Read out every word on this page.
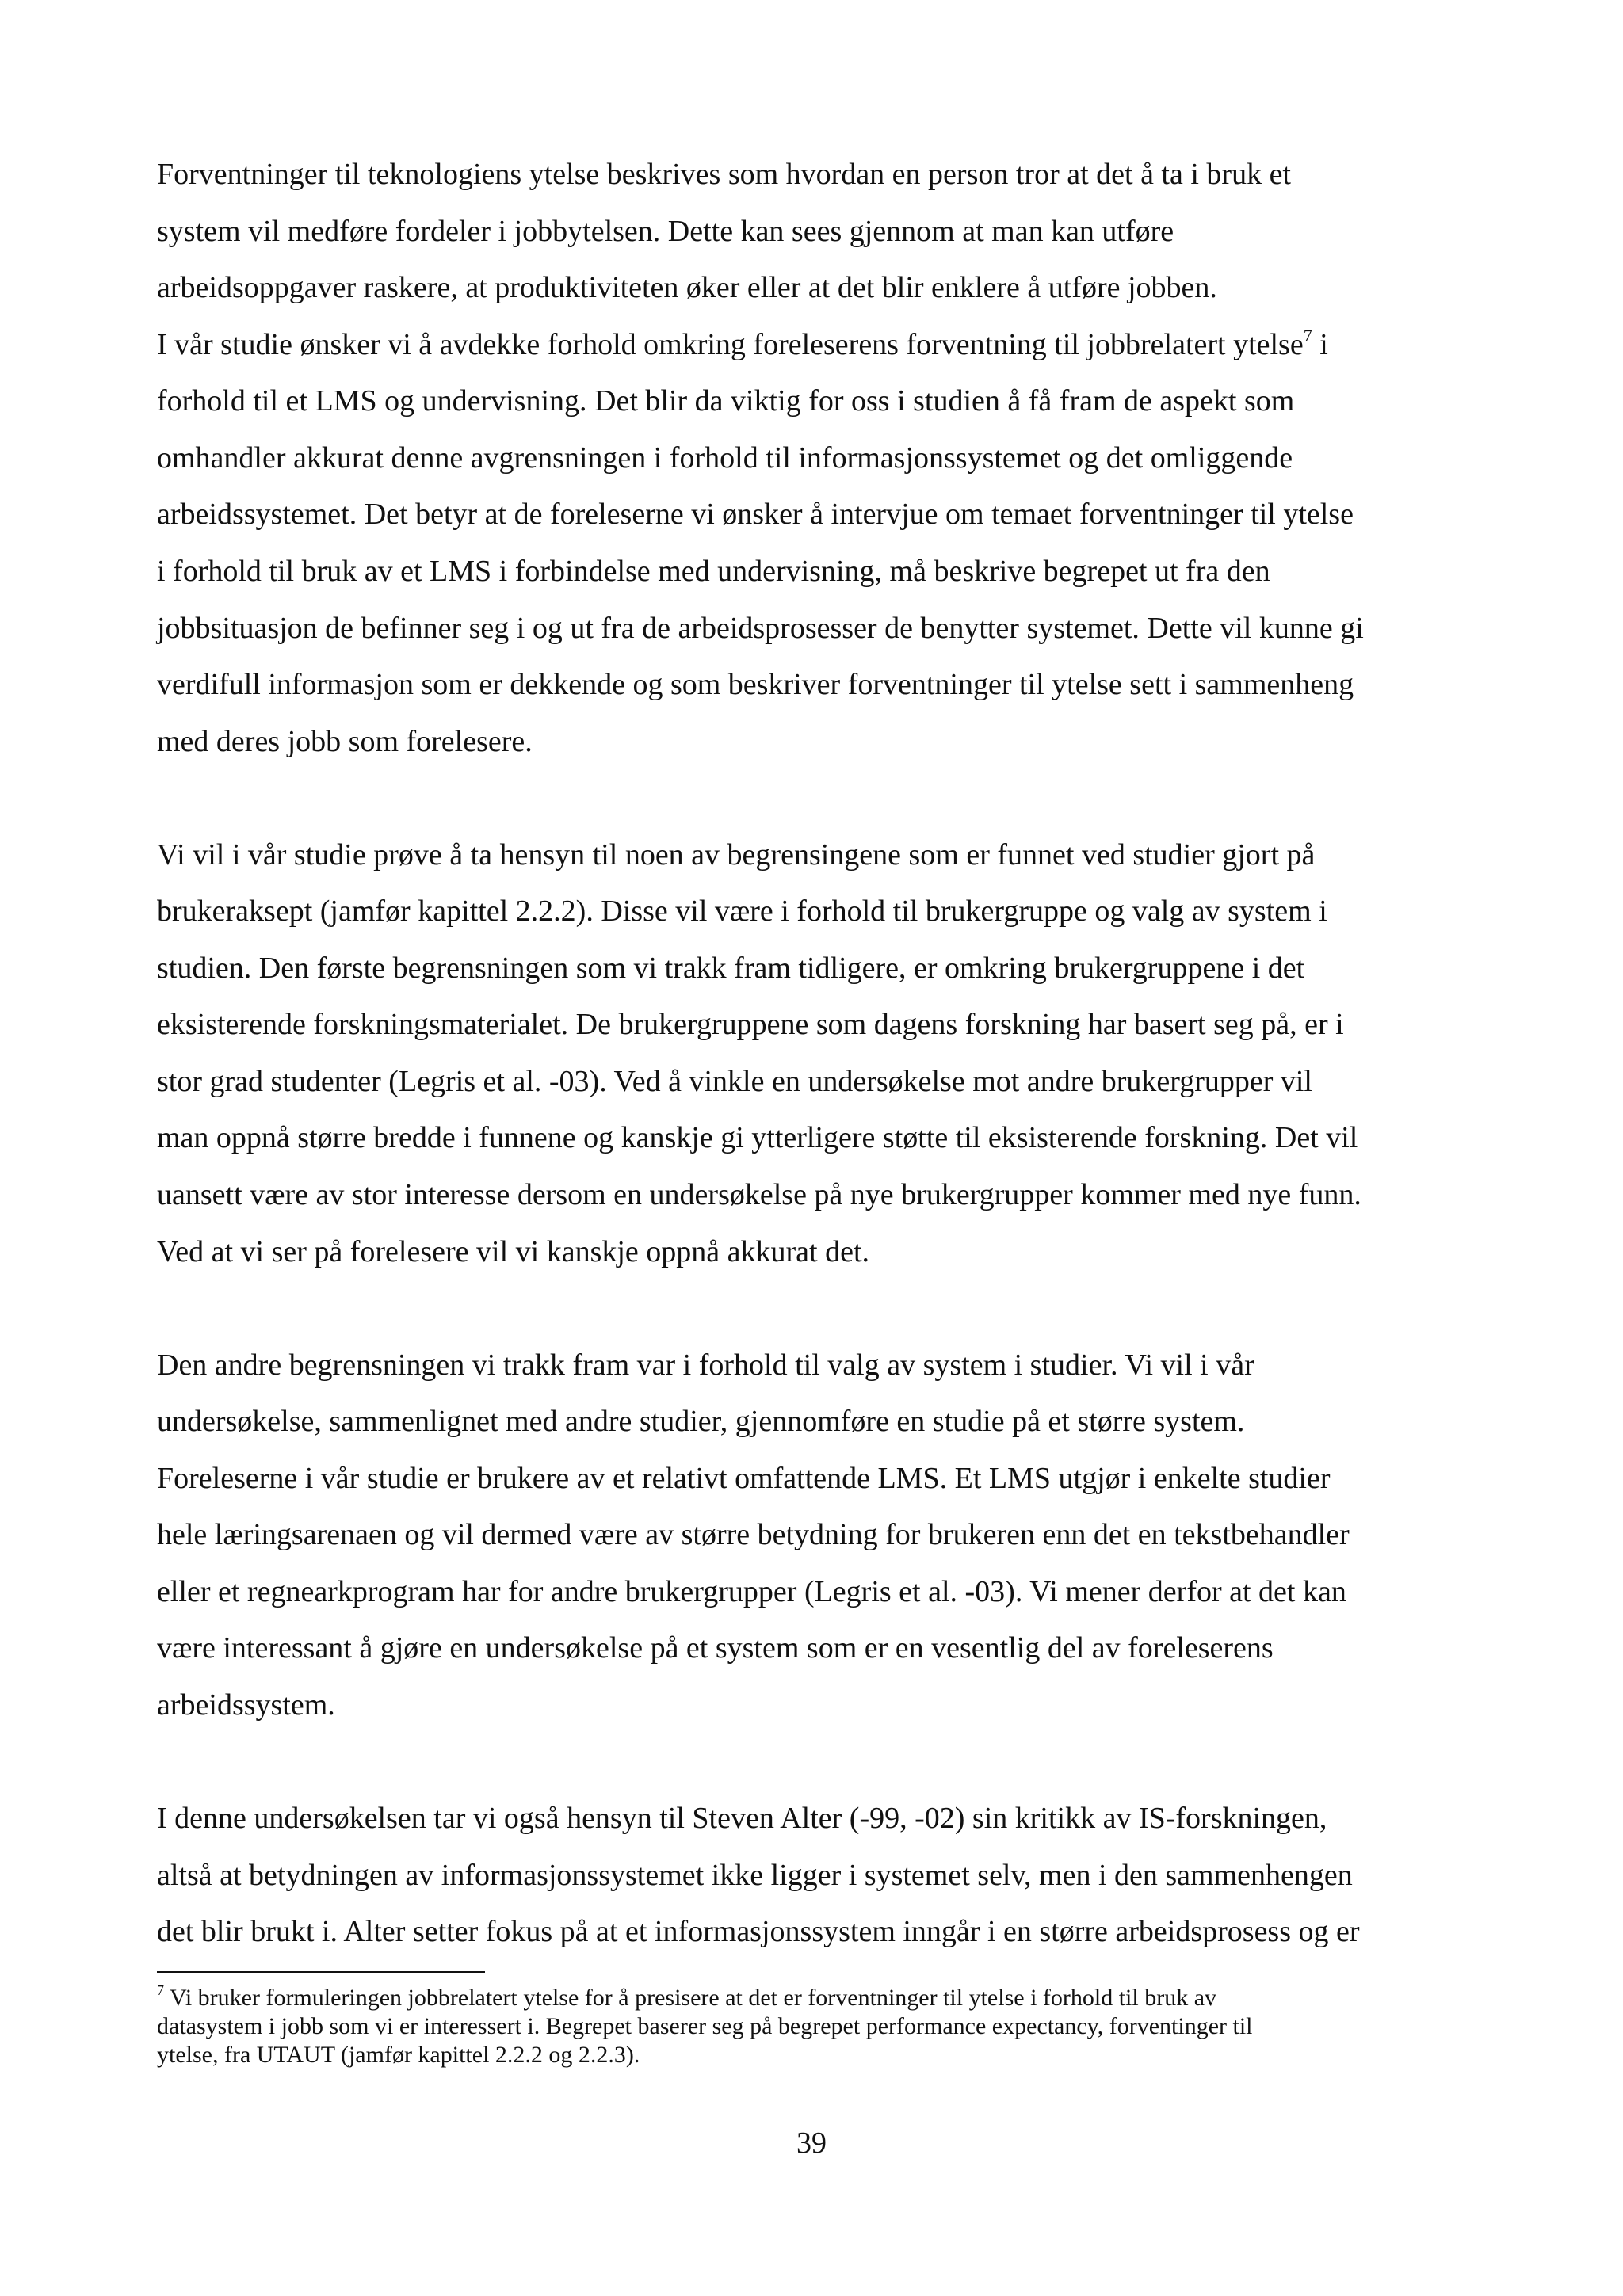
Forventninger til teknologiens ytelse beskrives som hvordan en person tror at det å ta i bruk et
system vil medføre fordeler i jobbytelsen. Dette kan sees gjennom at man kan utføre
arbeidsoppgaver raskere, at produktiviteten øker eller at det blir enklere å utføre jobben.
I vår studie ønsker vi å avdekke forhold omkring foreleserens forventning til jobbrelatert ytelse$^7$ i
forhold til et LMS og undervisning. Det blir da viktig for oss i studien å få fram de aspekt som
omhandler akkurat denne avgrensningen i forhold til informasjonssystemet og det omliggende
arbeidssystemet. Det betyr at de foreleserne vi ønsker å intervjue om temaet forventninger til ytelse
i forhold til bruk av et LMS i forbindelse med undervisning, må beskrive begrepet ut fra den
jobbsituasjon de befinner seg i og ut fra de arbeidsprosesser de benytter systemet. Dette vil kunne gi
verdifull informasjon som er dekkende og som beskriver forventninger til ytelse sett i sammenheng
med deres jobb som forelesere.
Vi vil i vår studie prøve å ta hensyn til noen av begrensingene som er funnet ved studier gjort på
brukeraksept (jamfør kapittel 2.2.2). Disse vil være i forhold til brukergruppe og valg av system i
studien. Den første begrensningen som vi trakk fram tidligere, er omkring brukergruppene i det
eksisterende forskningsmaterialet. De brukergruppene som dagens forskning har basert seg på, er i
stor grad studenter (Legris et al. -03). Ved å vinkle en undersøkelse mot andre brukergrupper vil
man oppnå større bredde i funnene og kanskje gi ytterligere støtte til eksisterende forskning. Det vil
uansett være av stor interesse dersom en undersøkelse på nye brukergrupper kommer med nye funn.
Ved at vi ser på forelesere vil vi kanskje oppnå akkurat det.
Den andre begrensningen vi trakk fram var i forhold til valg av system i studier. Vi vil i vår
undersøkelse, sammenlignet med andre studier, gjennomføre en studie på et større system.
Foreleserne i vår studie er brukere av et relativt omfattende LMS. Et LMS utgjør i enkelte studier
hele læringsarenaen og vil dermed være av større betydning for brukeren enn det en tekstbehandler
eller et regnearkprogram har for andre brukergrupper (Legris et al. -03). Vi mener derfor at det kan
være interessant å gjøre en undersøkelse på et system som er en vesentlig del av foreleserens
arbeidssystem.
I denne undersøkelsen tar vi også hensyn til Steven Alter (-99, -02) sin kritikk av IS-forskningen,
altså at betydningen av informasjonssystemet ikke ligger i systemet selv, men i den sammenhengen
det blir brukt i. Alter setter fokus på at et informasjonssystem inngår i en større arbeidsprosess og er
$^7$ Vi bruker formuleringen jobbrelatert ytelse for å presisere at det er forventninger til ytelse i forhold til bruk av
datasystem i jobb som vi er interessert i. Begrepet baserer seg på begrepet performance expectancy, forventinger til
ytelse, fra UTAUT (jamfør kapittel 2.2.2 og 2.2.3).
39
